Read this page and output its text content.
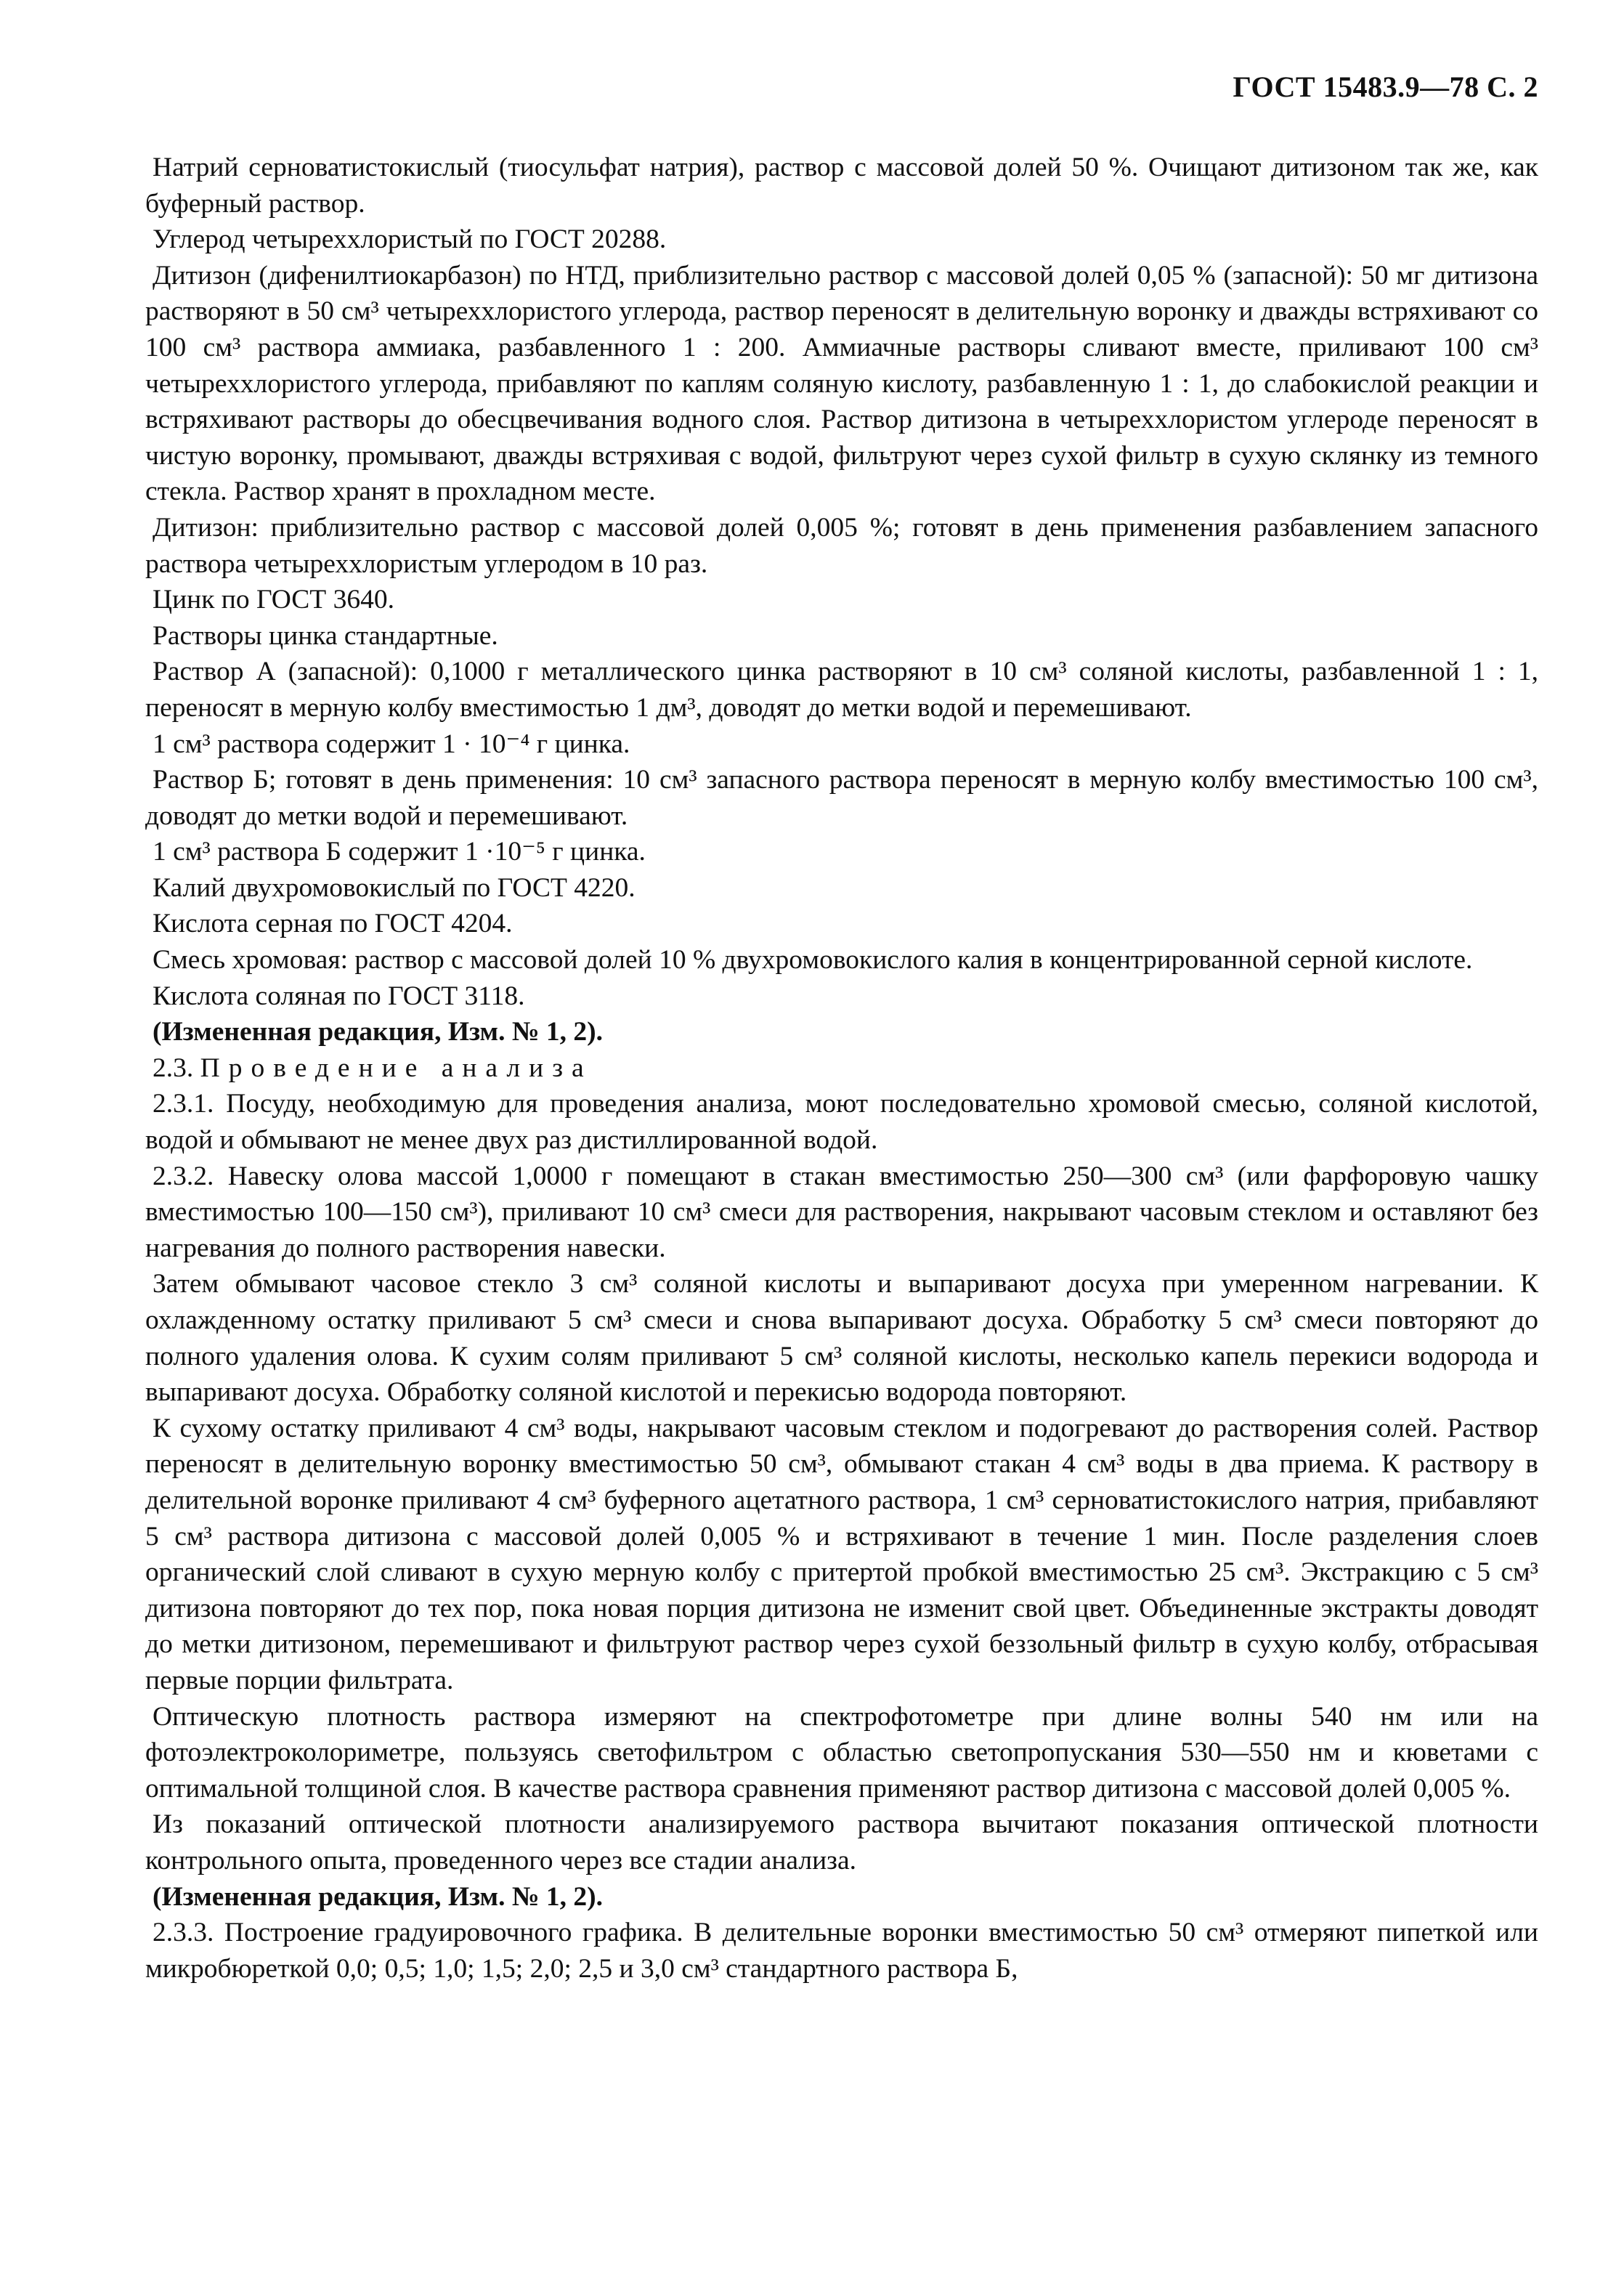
ГОСТ 15483.9—78 С. 2

Натрий серноватистокислый (тиосульфат натрия), раствор с массовой долей 50 %. Очищают дитизоном так же, как буферный раствор.

Углерод четыреххлористый по ГОСТ 20288.

Дитизон (дифенилтиокарбазон) по НТД, приблизительно раствор с массовой долей 0,05 % (запасной): 50 мг дитизона растворяют в 50 см³ четыреххлористого углерода, раствор переносят в делительную воронку и дважды встряхивают со 100 см³ раствора аммиака, разбавленного 1 : 200. Аммиачные растворы сливают вместе, приливают 100 см³ четыреххлористого углерода, прибавляют по каплям соляную кислоту, разбавленную 1 : 1, до слабокислой реакции и встряхивают растворы до обесцвечивания водного слоя. Раствор дитизона в четыреххлористом углероде переносят в чистую воронку, промывают, дважды встряхивая с водой, фильтруют через сухой фильтр в сухую склянку из темного стекла. Раствор хранят в прохладном месте.

Дитизон: приблизительно раствор с массовой долей 0,005 %; готовят в день применения разбавлением запасного раствора четыреххлористым углеродом в 10 раз.

Цинк по ГОСТ 3640.

Растворы цинка стандартные.

Раствор А (запасной): 0,1000 г металлического цинка растворяют в 10 см³ соляной кислоты, разбавленной 1 : 1, переносят в мерную колбу вместимостью 1 дм³, доводят до метки водой и перемешивают.

1 см³ раствора содержит 1 · 10⁻⁴ г цинка.

Раствор Б; готовят в день применения: 10 см³ запасного раствора переносят в мерную колбу вместимостью 100 см³, доводят до метки водой и перемешивают.

1 см³ раствора Б содержит 1 ·10⁻⁵ г цинка.

Калий двухромовокислый по ГОСТ 4220.

Кислота серная по ГОСТ 4204.

Смесь хромовая: раствор с массовой долей 10 % двухромовокислого калия в концентрированной серной кислоте.

Кислота соляная по ГОСТ 3118.

(Измененная редакция, Изм. № 1, 2).

2.3. Проведение анализа

2.3.1. Посуду, необходимую для проведения анализа, моют последовательно хромовой смесью, соляной кислотой, водой и обмывают не менее двух раз дистиллированной водой.

2.3.2. Навеску олова массой 1,0000 г помещают в стакан вместимостью 250—300 см³ (или фарфоровую чашку вместимостью 100—150 см³), приливают 10 см³ смеси для растворения, накрывают часовым стеклом и оставляют без нагревания до полного растворения навески.

Затем обмывают часовое стекло 3 см³ соляной кислоты и выпаривают досуха при умеренном нагревании. К охлажденному остатку приливают 5 см³ смеси и снова выпаривают досуха. Обработку 5 см³ смеси повторяют до полного удаления олова. К сухим солям приливают 5 см³ соляной кислоты, несколько капель перекиси водорода и выпаривают досуха. Обработку соляной кислотой и перекисью водорода повторяют.

К сухому остатку приливают 4 см³ воды, накрывают часовым стеклом и подогревают до растворения солей. Раствор переносят в делительную воронку вместимостью 50 см³, обмывают стакан 4 см³ воды в два приема. К раствору в делительной воронке приливают 4 см³ буферного ацетатного раствора, 1 см³ серноватистокислого натрия, прибавляют 5 см³ раствора дитизона с массовой долей 0,005 % и встряхивают в течение 1 мин. После разделения слоев органический слой сливают в сухую мерную колбу с притертой пробкой вместимостью 25 см³. Экстракцию с 5 см³ дитизона повторяют до тех пор, пока новая порция дитизона не изменит свой цвет. Объединенные экстракты доводят до метки дитизоном, перемешивают и фильтруют раствор через сухой беззольный фильтр в сухую колбу, отбрасывая первые порции фильтрата.

Оптическую плотность раствора измеряют на спектрофотометре при длине волны 540 нм или на фотоэлектроколориметре, пользуясь светофильтром с областью светопропускания 530—550 нм и кюветами с оптимальной толщиной слоя. В качестве раствора сравнения применяют раствор дитизона с массовой долей 0,005 %.

Из показаний оптической плотности анализируемого раствора вычитают показания оптической плотности контрольного опыта, проведенного через все стадии анализа.

(Измененная редакция, Изм. № 1, 2).

2.3.3. Построение градуировочного графика. В делительные воронки вместимостью 50 см³ отмеряют пипеткой или микробюреткой 0,0; 0,5; 1,0; 1,5; 2,0; 2,5 и 3,0 см³ стандартного раствора Б,
